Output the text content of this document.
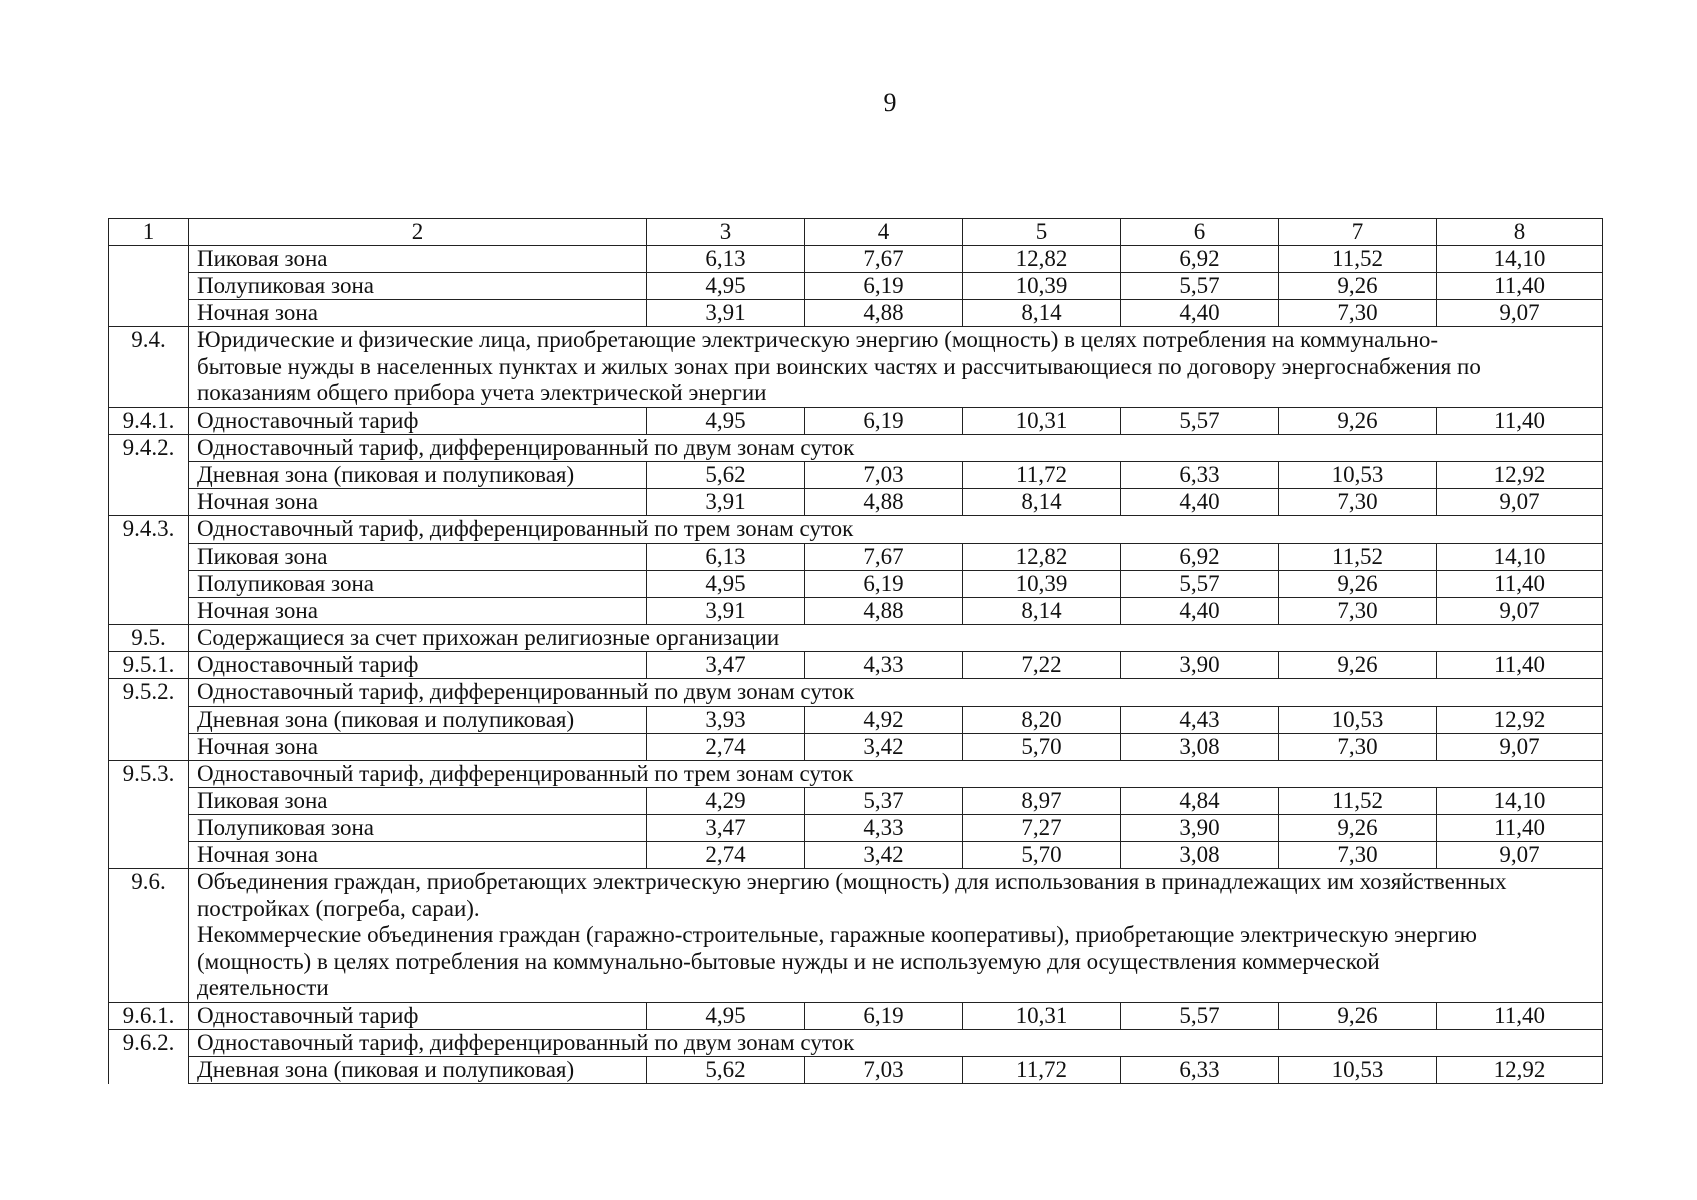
9
1	2	3	4	5	6	7	8
	Пиковая зона	6,13	7,67	12,82	6,92	11,52	14,10
	Полупиковая зона	4,95	6,19	10,39	5,57	9,26	11,40
	Ночная зона	3,91	4,88	8,14	4,40	7,30	9,07
9.4.	Юридические и физические лица, приобретающие электрическую энергию (мощность) в целях потребления на коммунально-
бытовые нужды в населенных пунктах и жилых зонах при воинских частях и рассчитывающиеся по договору энергоснабжения по
показаниям общего прибора учета электрической энергии						

9.4.1.	Одноставочный тариф	4,95	6,19	10,31	5,57	9,26	11,40
9.4.2.	Одноставочный тариф, дифференцированный по двум зонам суток						

	Дневная зона (пиковая и полупиковая)	5,62	7,03	11,72	6,33	10,53	12,92
	Ночная зона	3,91	4,88	8,14	4,40	7,30	9,07
9.4.3.	Одноставочный тариф, дифференцированный по трем зонам суток						

	Пиковая зона	6,13	7,67	12,82	6,92	11,52	14,10
	Полупиковая зона	4,95	6,19	10,39	5,57	9,26	11,40
	Ночная зона	3,91	4,88	8,14	4,40	7,30	9,07
9.5.	Содержащиеся за счет прихожан религиозные организации						

9.5.1.	Одноставочный тариф	3,47	4,33	7,22	3,90	9,26	11,40
9.5.2.	Одноставочный тариф, дифференцированный по двум зонам суток						

	Дневная зона (пиковая и полупиковая)	3,93	4,92	8,20	4,43	10,53	12,92
	Ночная зона	2,74	3,42	5,70	3,08	7,30	9,07
9.5.3.	Одноставочный тариф, дифференцированный по трем зонам суток						

	Пиковая зона	4,29	5,37	8,97	4,84	11,52	14,10
	Полупиковая зона	3,47	4,33	7,27	3,90	9,26	11,40
	Ночная зона	2,74	3,42	5,70	3,08	7,30	9,07
9.6.	Объединения граждан, приобретающих электрическую энергию (мощность) для использования в принадлежащих им хозяйственных
постройках (погреба, сараи).
Некоммерческие объединения граждан (гаражно-строительные, гаражные кооперативы), приобретающие электрическую энергию
(мощность) в целях потребления на коммунально-бытовые нужды и не используемую для осуществления коммерческой
деятельности						

9.6.1.	Одноставочный тариф	4,95	6,19	10,31	5,57	9,26	11,40
9.6.2.	Одноставочный тариф, дифференцированный по двум зонам суток						

	Дневная зона (пиковая и полупиковая)	5,62	7,03	11,72	6,33	10,53	12,92
